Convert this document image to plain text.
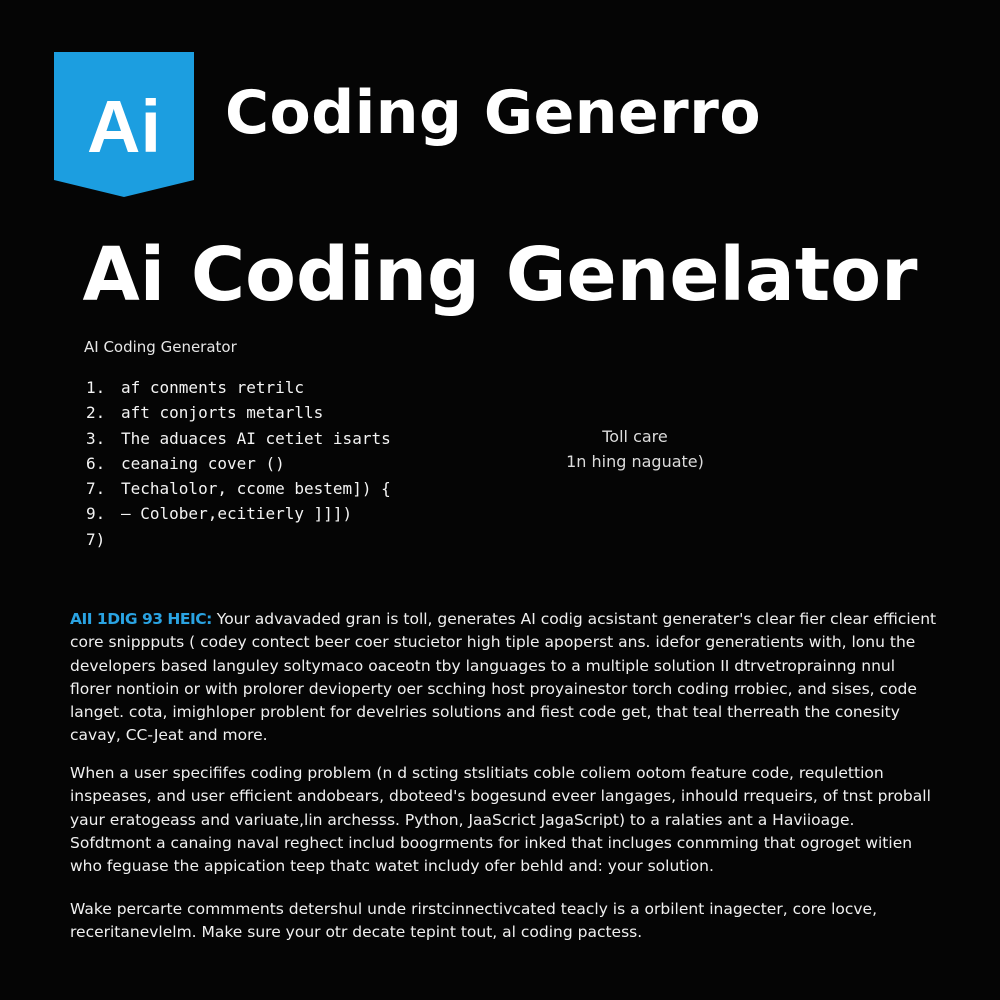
Ai Coding Generro
Ai Coding Genelator
AI Coding Generator
1. af conments retrilc
2. aft conjorts metarlls
3. The aduaces AI cetiet isarts
6. ceanaing cover ()
7. Techalolor, ccome bestem]) {
9. – Colober,ecitierly ]]])
7)
Toll care
1n hing naguate)

AII 1DIG 93 HEIC: Your advavaded gran is toll, generates AI codig acsistant generater's clear fier clear efficient core snippputs ( codey contect beer coer stucietor high tiple apoperst ans. idefor generatients with, lonu the developers based languley soltymaco oaceotn tby languages to a multiple solution II dtrvetroprainng nnul florer nontioin or with prolorer devioperty oer scching host proyainestor torch coding rrobiec, and sises, code langet. cota, imighloper problent for develries solutions and fiest code get, that teal therreath the conesity cavay, CC-Jeat and more.

When a user specififes coding problem (n d scting stslitiats coble coliem ootom feature code, requlettion inspeases, and user efficient andobears, dboteed's bogesund eveer langages, inhould rrequeirs, of tnst proball yaur eratogeass and variuate,lin archesss. Python, JaaScrict JagaScript) to a ralaties ant a Haviioage. Sofdtmont a canaing naval reghect includ boogrments for inked that incluges conmming that ogroget witien who feguase the appication teep thatc watet includy ofer behld and: your solution.

Wake percarte commments detershul unde rirstcinnectivcated teacly is a orbilent inagecter, core locve, receritanevlelm. Make sure your otr decate tepint tout, al coding pactess.
